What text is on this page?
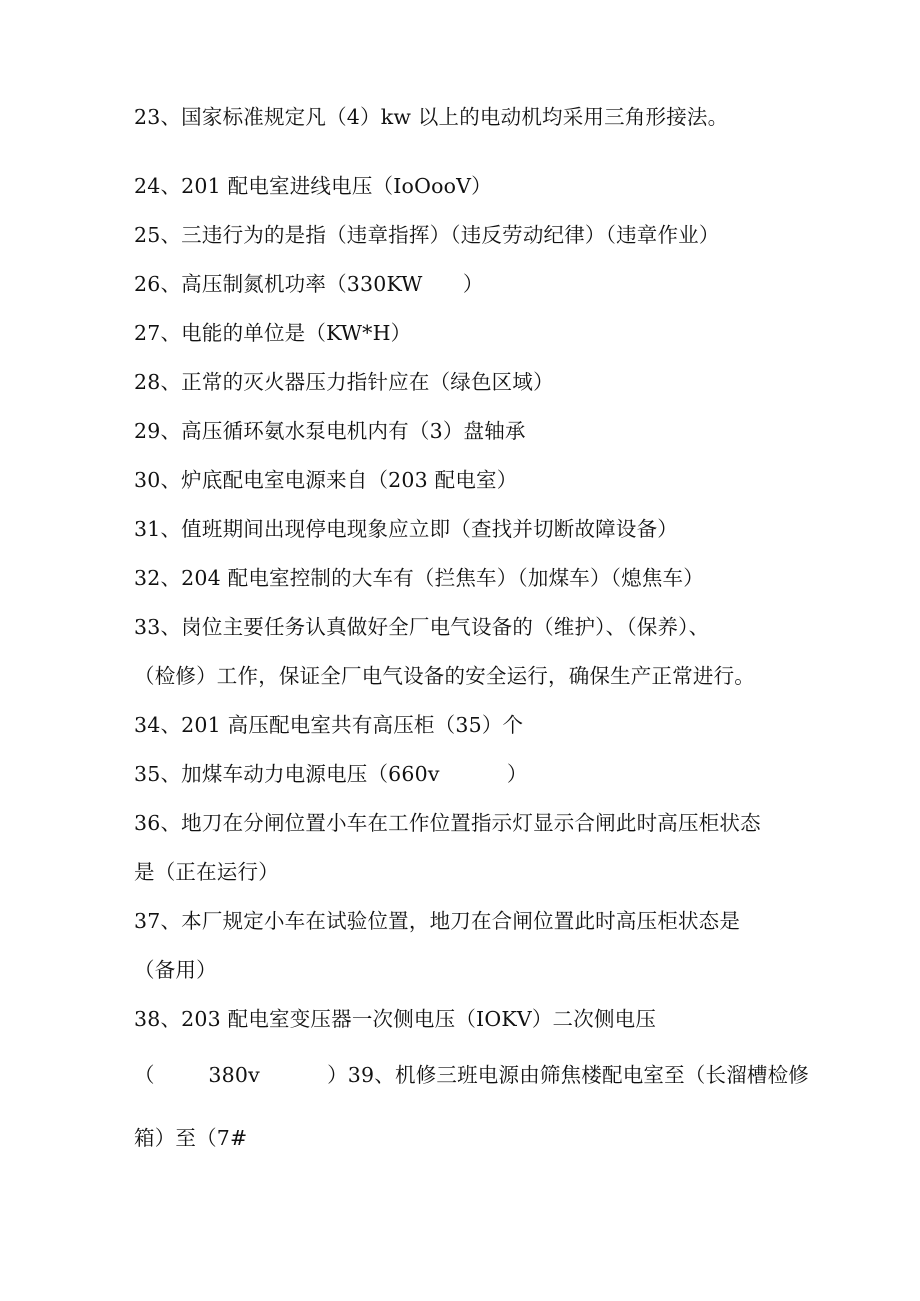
23、国家标准规定凡（4）kw 以上的电动机均采用三角形接法。
24、201 配电室进线电压（IoOooV）
25、三违行为的是指（违章指挥）（违反劳动纪律）（违章作业）
26、高压制氮机功率（330KW      ）
27、电能的单位是（KW*H）
28、正常的灭火器压力指针应在（绿色区域）
29、高压循环氨水泵电机内有（3）盘轴承
30、炉底配电室电源来自（203 配电室）
31、值班期间出现停电现象应立即（查找并切断故障设备）
32、204 配电室控制的大车有（拦焦车）（加煤车）（熄焦车）
33、岗位主要任务认真做好全厂电气设备的（维护）、（保养）、
（检修）工作，保证全厂电气设备的安全运行，确保生产正常进行。
34、201 高压配电室共有高压柜（35）个
35、加煤车动力电源电压（660v          ）
36、地刀在分闸位置小车在工作位置指示灯显示合闸此时高压柜状态
是（正在运行）
37、本厂规定小车在试验位置，地刀在合闸位置此时高压柜状态是
（备用）
38、203 配电室变压器一次侧电压（IOKV）二次侧电压
（        380v          ）39、机修三班电源由筛焦楼配电室至（长溜槽检修
箱）至（7#
